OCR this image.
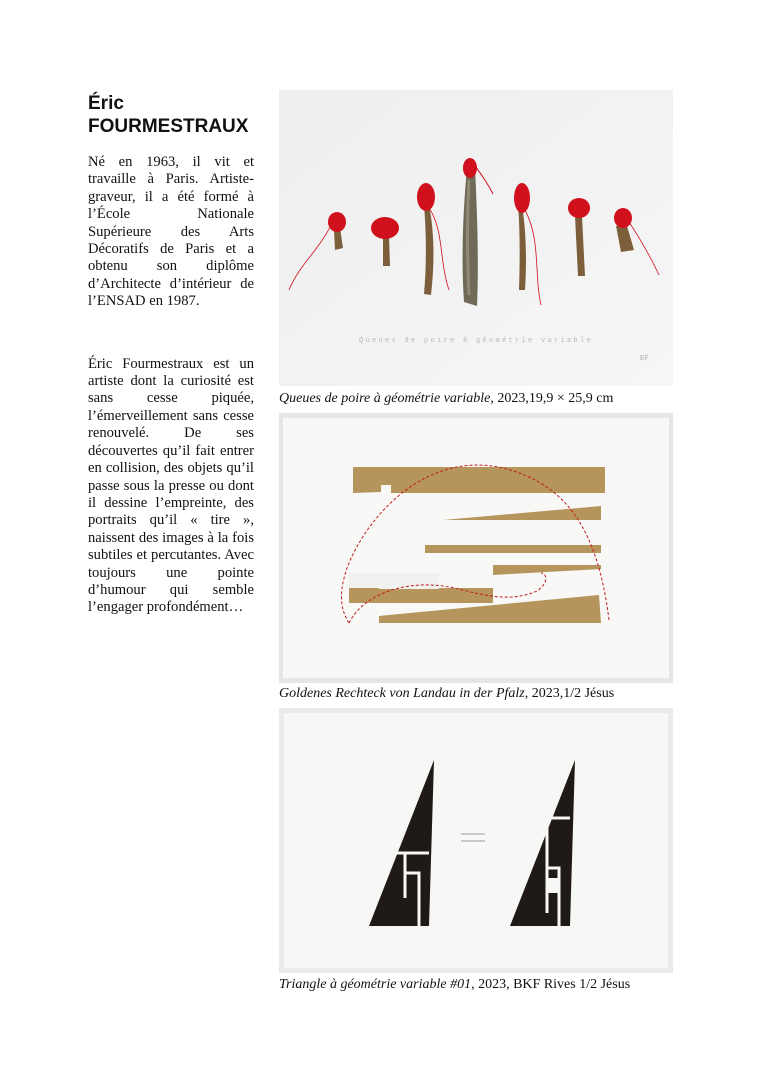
Éric
FOURMESTRAUX

Né en 1963, il vit et travaille à Paris. Artiste-graveur, il a été formé à l’École Nationale Supérieure des Arts Décoratifs de Paris et a obtenu son diplôme d’Architecte d’intérieur de l’ENSAD en 1987.

Éric Fourmestraux est un artiste dont la curiosité est sans cesse piquée, l’émerveillement sans cesse renouvelé. De ses découvertes qu’il fait entrer en collision, des objets qu’il passe sous la presse ou dont il dessine l’empreinte, des portraits qu’il « tire », naissent des images à la fois subtiles et percutantes. Avec toujours une pointe d’humour qui semble l’engager profondément…

Queues de poire à géométrie variable
EF
Queues de poire à géométrie variable, 2023,19,9 × 25,9 cm
Goldenes Rechteck von Landau in der Pfalz, 2023,1/2 Jésus
Triangle à géométrie variable #01, 2023, BKF Rives 1/2 Jésus
